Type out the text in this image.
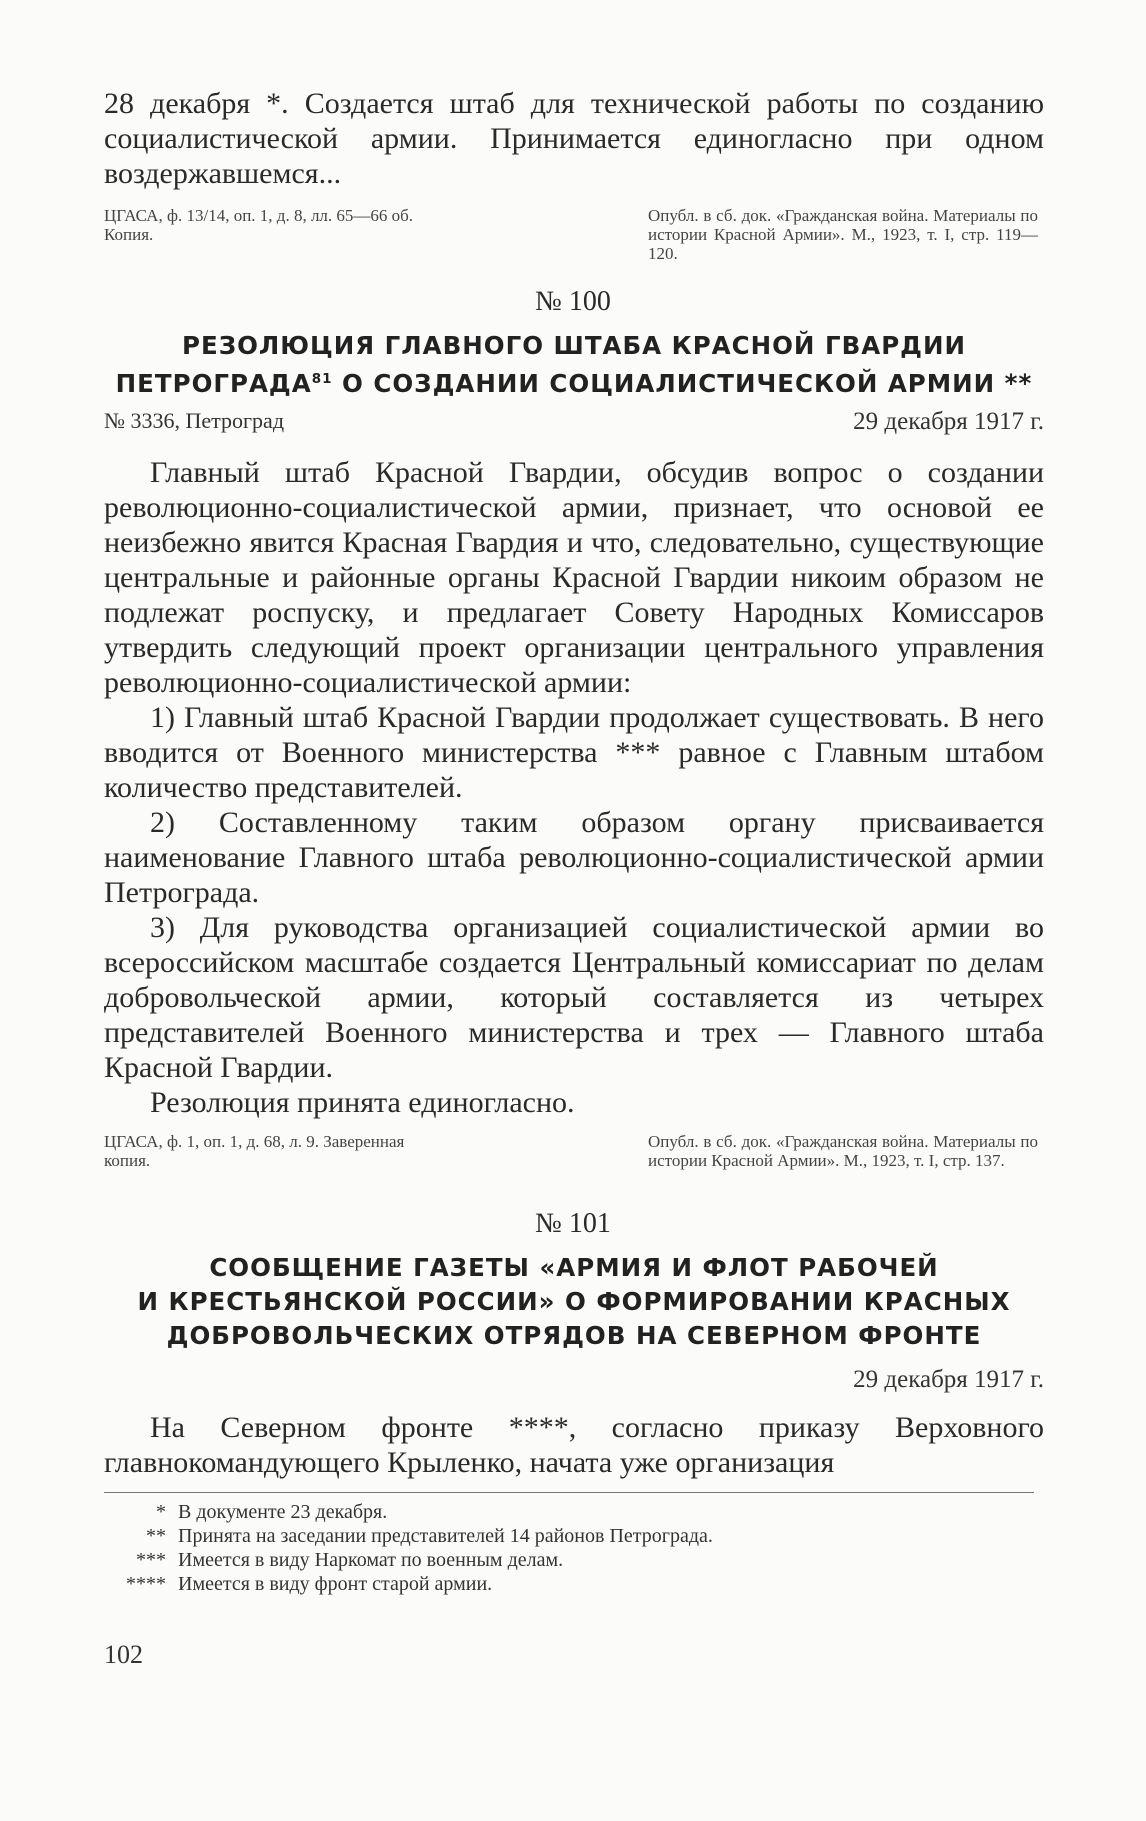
28 декабря *. Создается штаб для технической работы по созданию социалистической армии. Принимается единогласно при одном воздержавшемся...

ЦГАСА, ф. 13/14, оп. 1, д. 8, лл. 65—66 об. Копия.

Опубл. в сб. док. «Гражданская война. Материалы по истории Красной Армии». М., 1923, т. I, стр. 119—120.

№ 100

РЕЗОЛЮЦИЯ ГЛАВНОГО ШТАБА КРАСНОЙ ГВАРДИИ

ПЕТРОГРАДА$^{81}$ О СОЗДАНИИ СОЦИАЛИСТИЧЕСКОЙ АРМИИ **

№ 3336, Петроград	29 декабря 1917 г.

Главный штаб Красной Гвардии, обсудив вопрос о создании революционно-социалистической армии, признает, что основой ее неизбежно явится Красная Гвардия и что, следовательно, существующие центральные и районные органы Красной Гвардии никоим образом не подлежат роспуску, и предлагает Совету Народных Комиссаров утвердить следующий проект организации центрального управления революционно-социалистической армии:

1) Главный штаб Красной Гвардии продолжает существовать. В него вводится от Военного министерства *** равное с Главным штабом количество представителей.

2) Составленному таким образом органу присваивается наименование Главного штаба революционно-социалистической армии Петрограда.

3) Для руководства организацией социалистической армии во всероссийском масштабе создается Центральный комиссариат по делам добровольческой армии, который составляется из четырех представителей Военного министерства и трех — Главного штаба Красной Гвардии.

Резолюция принята единогласно.

ЦГАСА, ф. 1, оп. 1, д. 68, л. 9. Заверенная копия.

Опубл. в сб. док. «Гражданская война. Материалы по истории Красной Армии». М., 1923, т. I, стр. 137.

№ 101

СООБЩЕНИЕ ГАЗЕТЫ «АРМИЯ И ФЛОТ РАБОЧЕЙ

И КРЕСТЬЯНСКОЙ РОССИИ» О ФОРМИРОВАНИИ КРАСНЫХ

ДОБРОВОЛЬЧЕСКИХ ОТРЯДОВ НА СЕВЕРНОМ ФРОНТЕ

29 декабря 1917 г.

На Северном фронте ****, согласно приказу Верховного главнокомандующего Крыленко, начата уже организация

* В документе 23 декабря.

** Принята на заседании представителей 14 районов Петрограда.

*** Имеется в виду Наркомат по военным делам.

**** Имеется в виду фронт старой армии.

102
